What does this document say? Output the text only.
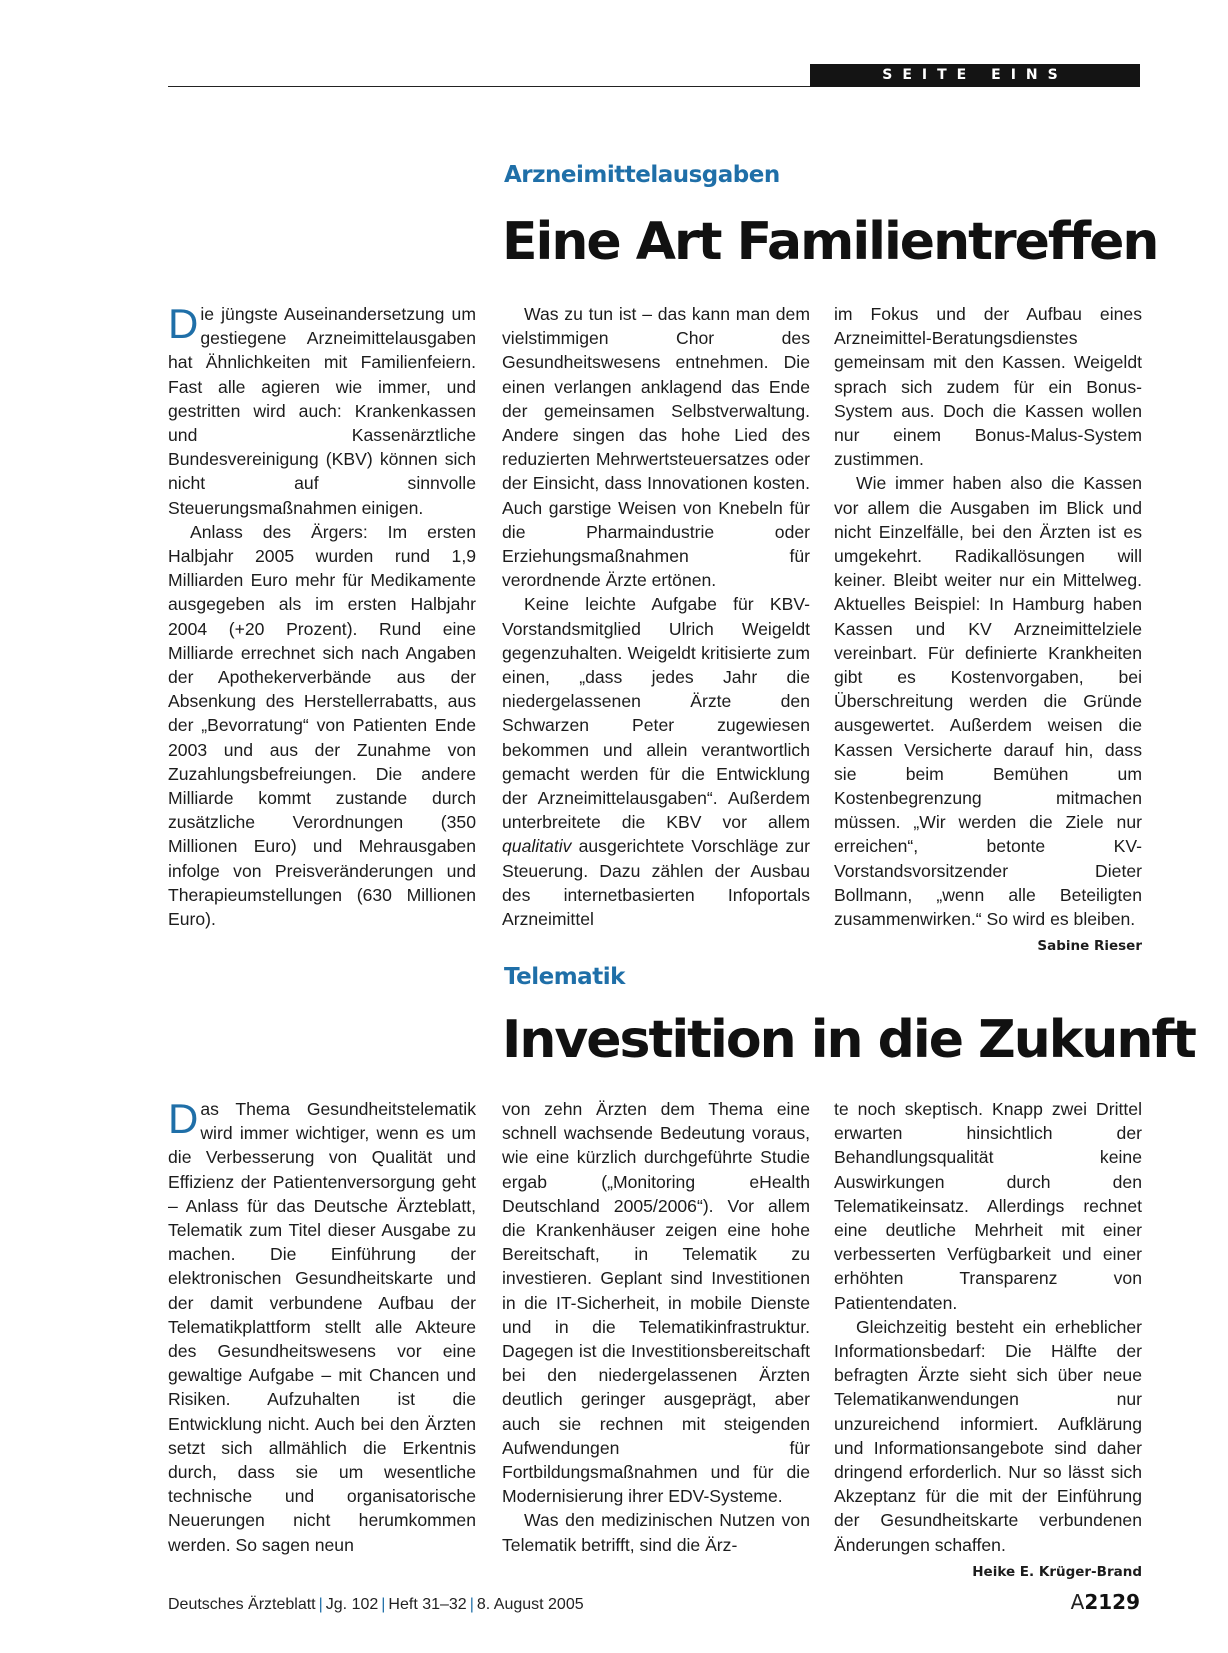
SEITE EINS
Arzneimittelausgaben
Eine Art Familientreffen

Die jüngste Auseinandersetzung um gestiegene Arzneimittelausgaben hat Ähnlichkeiten mit Familienfeiern. Fast alle agieren wie immer, und gestritten wird auch: Krankenkassen und Kassenärztliche Bundesvereinigung (KBV) können sich nicht auf sinnvolle Steuerungsmaßnahmen einigen.

Anlass des Ärgers: Im ersten Halbjahr 2005 wurden rund 1,9 Milliarden Euro mehr für Medikamente ausgegeben als im ersten Halbjahr 2004 (+20 Prozent). Rund eine Milliarde errechnet sich nach Angaben der Apothekerverbände aus der Absenkung des Herstellerrabatts, aus der „Bevorratung“ von Patienten Ende 2003 und aus der Zunahme von Zuzahlungsbefreiungen. Die andere Milliarde kommt zustande durch zusätzliche Verordnungen (350 Millionen Euro) und Mehrausgaben infolge von Preisveränderungen und Therapieumstellungen (630 Millionen Euro).

Was zu tun ist – das kann man dem vielstimmigen Chor des Gesundheitswesens entnehmen. Die einen verlangen anklagend das Ende der gemeinsamen Selbstverwaltung. Andere singen das hohe Lied des reduzierten Mehrwertsteuersatzes oder der Einsicht, dass Innovationen kosten. Auch garstige Weisen von Knebeln für die Pharmaindustrie oder Erziehungsmaßnahmen für verordnende Ärzte ertönen.

Keine leichte Aufgabe für KBV-Vorstandsmitglied Ulrich Weigeldt gegenzuhalten. Weigeldt kritisierte zum einen, „dass jedes Jahr die niedergelassenen Ärzte den Schwarzen Peter zugewiesen bekommen und allein verantwortlich gemacht werden für die Entwicklung der Arzneimittelausgaben“. Außerdem unterbreitete die KBV vor allem qualitativ ausgerichtete Vorschläge zur Steuerung. Dazu zählen der Ausbau des internetbasierten Infoportals Arzneimittel

im Fokus und der Aufbau eines Arzneimittel-Beratungsdienstes gemeinsam mit den Kassen. Weigeldt sprach sich zudem für ein Bonus-System aus. Doch die Kassen wollen nur einem Bonus-Malus-System zustimmen.

Wie immer haben also die Kassen vor allem die Ausgaben im Blick und nicht Einzelfälle, bei den Ärzten ist es umgekehrt. Radikallösungen will keiner. Bleibt weiter nur ein Mittelweg. Aktuelles Beispiel: In Hamburg haben Kassen und KV Arzneimittelziele vereinbart. Für definierte Krankheiten gibt es Kostenvorgaben, bei Überschreitung werden die Gründe ausgewertet. Außerdem weisen die Kassen Versicherte darauf hin, dass sie beim Bemühen um Kostenbegrenzung mitmachen müssen. „Wir werden die Ziele nur erreichen“, betonte KV-Vorstandsvorsitzender Dieter Bollmann, „wenn alle Beteiligten zusammenwirken.“ So wird es bleiben.
Sabine Rieser

Telematik
Investition in die Zukunft

Das Thema Gesundheitstelematik wird immer wichtiger, wenn es um die Verbesserung von Qualität und Effizienz der Patientenversorgung geht – Anlass für das Deutsche Ärzteblatt, Telematik zum Titel dieser Ausgabe zu machen. Die Einführung der elektronischen Gesundheitskarte und der damit verbundene Aufbau der Telematikplattform stellt alle Akteure des Gesundheitswesens vor eine gewaltige Aufgabe – mit Chancen und Risiken. Aufzuhalten ist die Entwicklung nicht. Auch bei den Ärzten setzt sich allmählich die Erkentnis durch, dass sie um wesentliche technische und organisatorische Neuerungen nicht herumkommen werden. So sagen neun

von zehn Ärzten dem Thema eine schnell wachsende Bedeutung voraus, wie eine kürzlich durchgeführte Studie ergab („Monitoring eHealth Deutschland 2005/2006“). Vor allem die Krankenhäuser zeigen eine hohe Bereitschaft, in Telematik zu investieren. Geplant sind Investitionen in die IT-Sicherheit, in mobile Dienste und in die Telematikinfrastruktur. Dagegen ist die Investitionsbereitschaft bei den niedergelassenen Ärzten deutlich geringer ausgeprägt, aber auch sie rechnen mit steigenden Aufwendungen für Fortbildungsmaßnahmen und für die Modernisierung ihrer EDV-Systeme.

Was den medizinischen Nutzen von Telematik betrifft, sind die Ärz-

te noch skeptisch. Knapp zwei Drittel erwarten hinsichtlich der Behandlungsqualität keine Auswirkungen durch den Telematikeinsatz. Allerdings rechnet eine deutliche Mehrheit mit einer verbesserten Verfügbarkeit und einer erhöhten Transparenz von Patientendaten.

Gleichzeitig besteht ein erheblicher Informationsbedarf: Die Hälfte der befragten Ärzte sieht sich über neue Telematikanwendungen nur unzureichend informiert. Aufklärung und Informationsangebote sind daher dringend erforderlich. Nur so lässt sich Akzeptanz für die mit der Einführung der Gesundheitskarte verbundenen Änderungen schaffen.
Heike E. Krüger-Brand

Deutsches Ärzteblatt | Jg. 102 | Heft 31–32 | 8. August 2005	A2129
